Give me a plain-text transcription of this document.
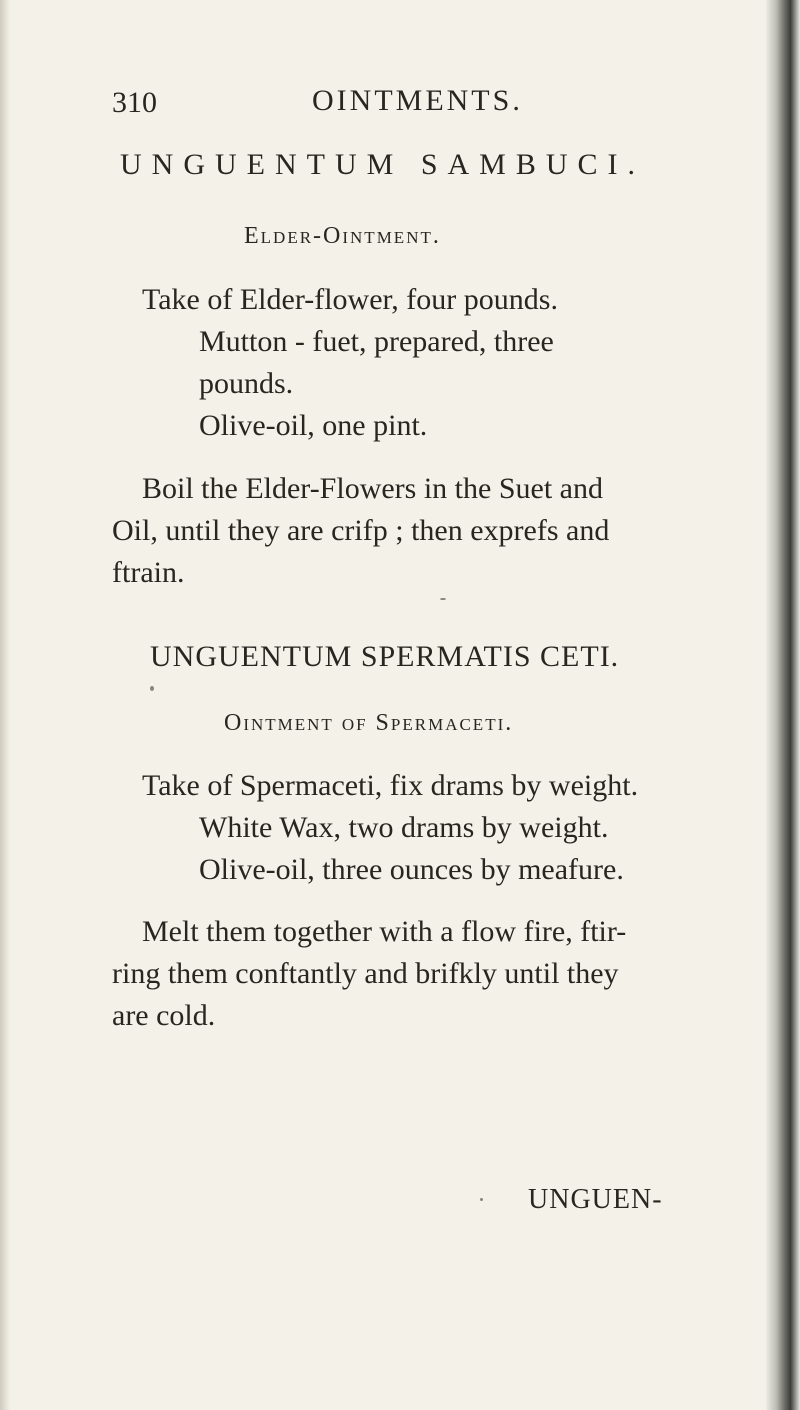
310	OINTMENTS.
UNGUENTUM SAMBUCI.
Elder-Ointment.
Take of Elder-flower, four pounds.
Mutton - fuet, prepared, three
pounds.
Olive-oil, one pint.
Boil the Elder-Flowers in the Suet and
Oil, until they are crifp ; then exprefs and
ftrain.
UNGUENTUM SPERMATIS CETI.
Ointment of Spermaceti.
Take of Spermaceti, fix drams by weight.
White Wax, two drams by weight.
Olive-oil, three ounces by meafure.
Melt them together with a flow fire, ftir-
ring them conftantly and brifkly until they
are cold.
UNGUEN-
